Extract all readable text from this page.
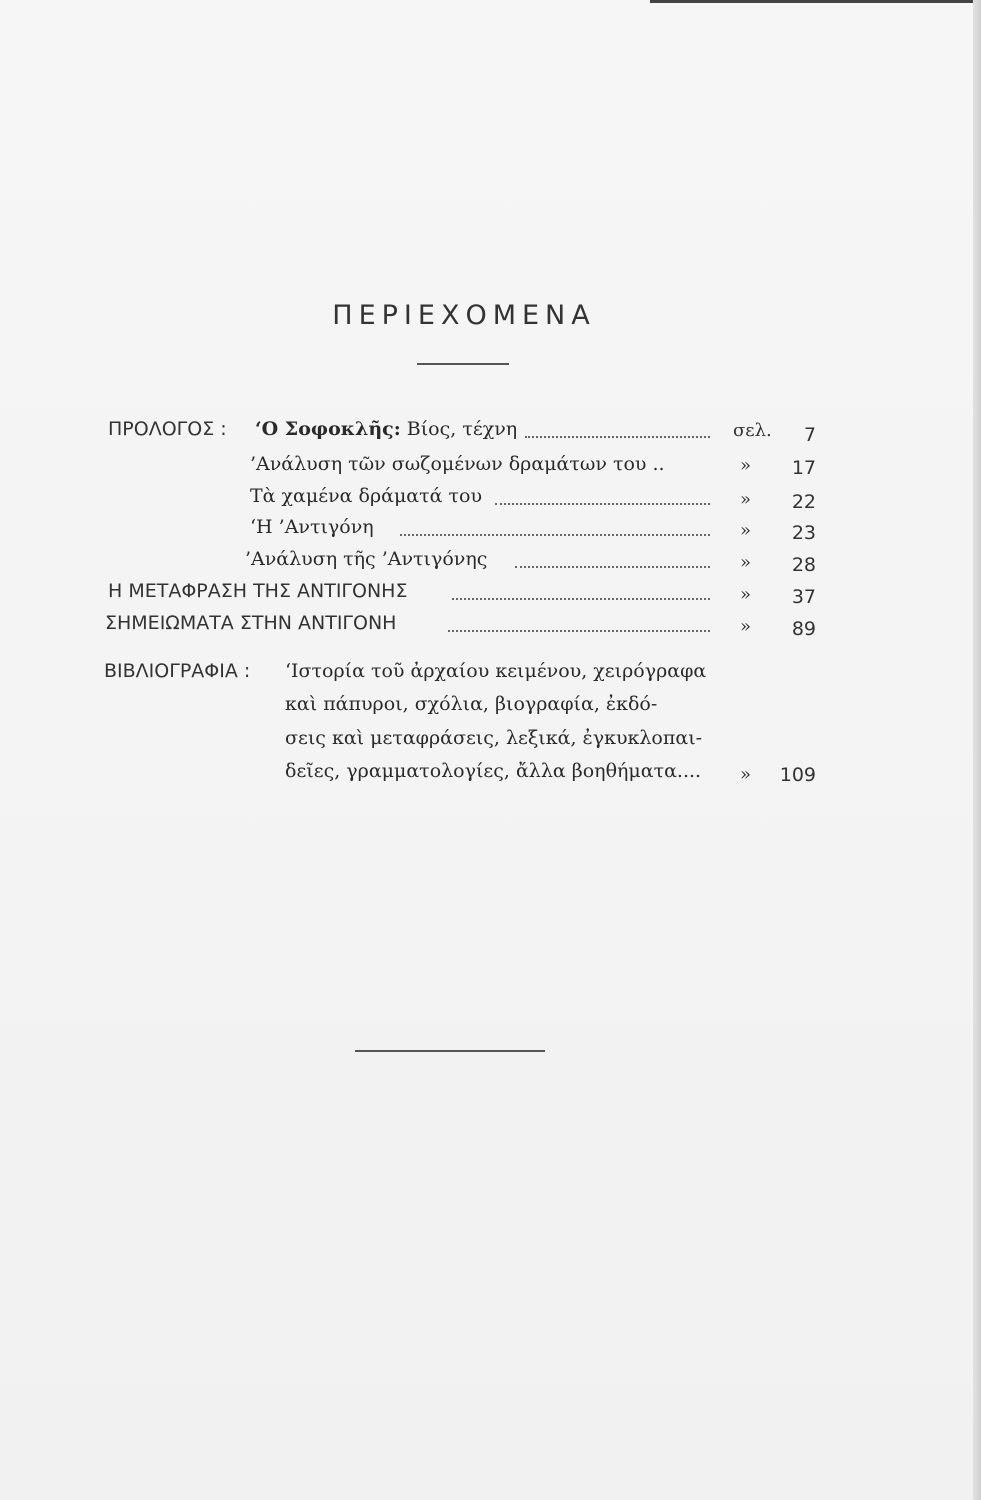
ΠΕΡΙΕΧΟΜΕΝΑ
ΠΡΟΛΟΓΟΣ : ‘Ο Σοφοκλῆς: Βίος, τέχνη	σελ.	7
’Ανάλυση τῶν σωζομένων δραμάτων του ..	»	17
Τὰ χαμένα δράματά του	»	22
‘Η ’Αντιγόνη	»	23
’Ανάλυση τῆς ’Αντιγόνης	»	28
Η ΜΕΤΑΦΡΑΣΗ ΤΗΣ ΑΝΤΙΓΟΝΗΣ	»	37
ΣΗΜΕΙΩΜΑΤΑ ΣΤΗΝ ΑΝΤΙΓΟΝΗ	»	89
ΒΙΒΛΙΟΓΡΑΦΙΑ : ‘Ιστορία τοῦ ἀρχαίου κειμένου, χειρόγραφα
καὶ πάπυροι, σχόλια, βιογραφία, ἐκδό-
σεις καὶ μεταφράσεις, λεξικά, ἐγκυκλοπαι-
δεῖες, γραμματολογίες, ἄλλα βοηθήματα.... »	109
